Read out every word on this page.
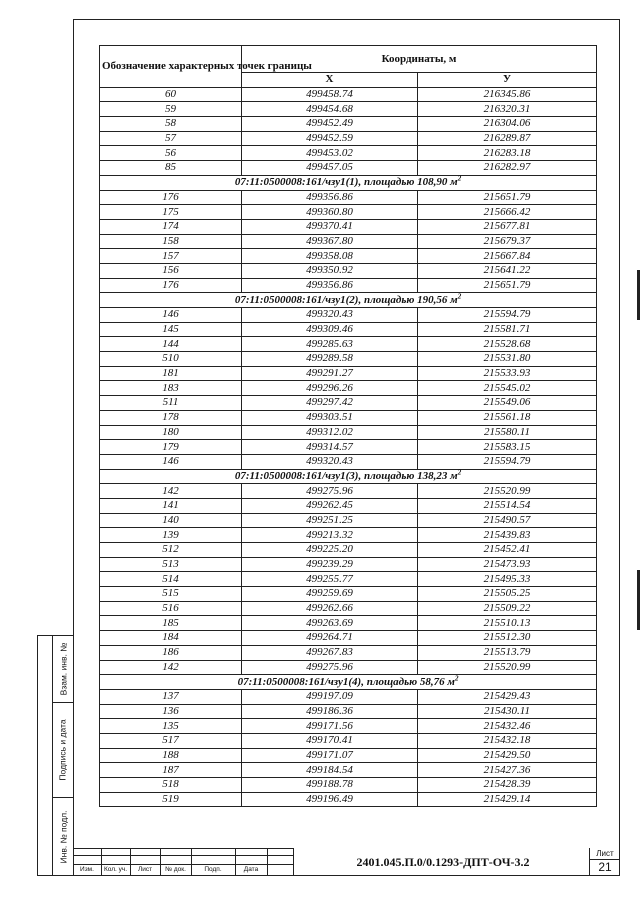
Взам. инв. №
Подпись и дата
Инв. № подл.
Обозначение характерных точек границы	Координаты, м	
	X	У
60	499458.74	216345.86
59	499454.68	216320.31
58	499452.49	216304.06
57	499452.59	216289.87
56	499453.02	216283.18
85	499457.05	216282.97
07:11:0500008:161/чзу1(1), площадью 108,90 $м^2$
176	499356.86	215651.79
175	499360.80	215666.42
174	499370.41	215677.81
158	499367.80	215679.37
157	499358.08	215667.84
156	499350.92	215641.22
176	499356.86	215651.79
07:11:0500008:161/чзу1(2), площадью 190,56 $м^2$
146	499320.43	215594.79
145	499309.46	215581.71
144	499285.63	215528.68
510	499289.58	215531.80
181	499291.27	215533.93
183	499296.26	215545.02
511	499297.42	215549.06
178	499303.51	215561.18
180	499312.02	215580.11
179	499314.57	215583.15
146	499320.43	215594.79
07:11:0500008:161/чзу1(3), площадью 138,23 $м^2$
142	499275.96	215520.99
141	499262.45	215514.54
140	499251.25	215490.57
139	499213.32	215439.83
512	499225.20	215452.41
513	499239.29	215473.93
514	499255.77	215495.33
515	499259.69	215505.25
516	499262.66	215509.22
185	499263.69	215510.13
184	499264.71	215512.30
186	499267.83	215513.79
142	499275.96	215520.99
07:11:0500008:161/чзу1(4), площадью 58,76 $м^2$
137	499197.09	215429.43
136	499186.36	215430.11
135	499171.56	215432.46
517	499170.41	215432.18
188	499171.07	215429.50
187	499184.54	215427.36
518	499188.78	215428.39
519	499196.49	215429.14
Изм.	Кол. уч.	Лист	№ док.	Подп.	Дата
2401.045.П.0/0.1293-ДПТ-ОЧ-3.2
Лист
21
